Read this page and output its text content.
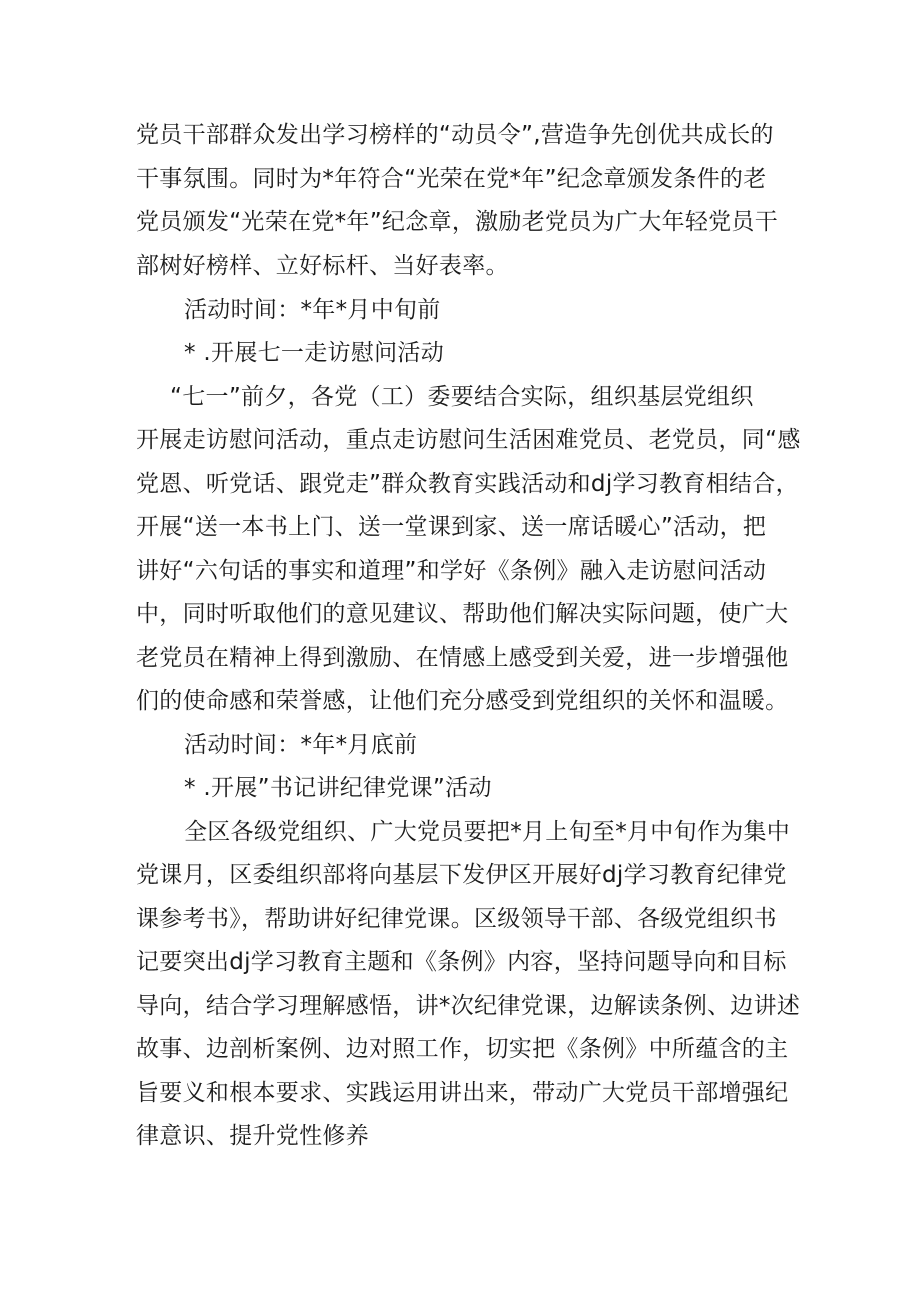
党员干部群众发出学习榜样的“动员令”,营造争先创优共成长的
干事氛围。同时为*年符合“光荣在党*年”纪念章颁发条件的老
党员颁发“光荣在党*年”纪念章，激励老党员为广大年轻党员干
部树好榜样、立好标杆、当好表率。
活动时间：*年*月中旬前
* .开展七一走访慰问活动
“七一”前夕，各党（工）委要结合实际，组织基层党组织
开展走访慰问活动，重点走访慰问生活困难党员、老党员，同“感
党恩、听党话、跟党走”群众教育实践活动和dj学习教育相结合，
开展“送一本书上门、送一堂课到家、送一席话暖心”活动，把
讲好“六句话的事实和道理”和学好《条例》融入走访慰问活动
中，同时听取他们的意见建议、帮助他们解决实际问题，使广大
老党员在精神上得到激励、在情感上感受到关爱，进一步增强他
们的使命感和荣誉感，让他们充分感受到党组织的关怀和温暖。
活动时间：*年*月底前
* .开展”书记讲纪律党课”活动
全区各级党组织、广大党员要把*月上旬至*月中旬作为集中
党课月，区委组织部将向基层下发伊区开展好dj学习教育纪律党
课参考书》，帮助讲好纪律党课。区级领导干部、各级党组织书
记要突出dj学习教育主题和《条例》内容，坚持问题导向和目标
导向，结合学习理解感悟，讲*次纪律党课，边解读条例、边讲述
故事、边剖析案例、边对照工作，切实把《条例》中所蕴含的主
旨要义和根本要求、实践运用讲出来，带动广大党员干部增强纪
律意识、提升党性修养
